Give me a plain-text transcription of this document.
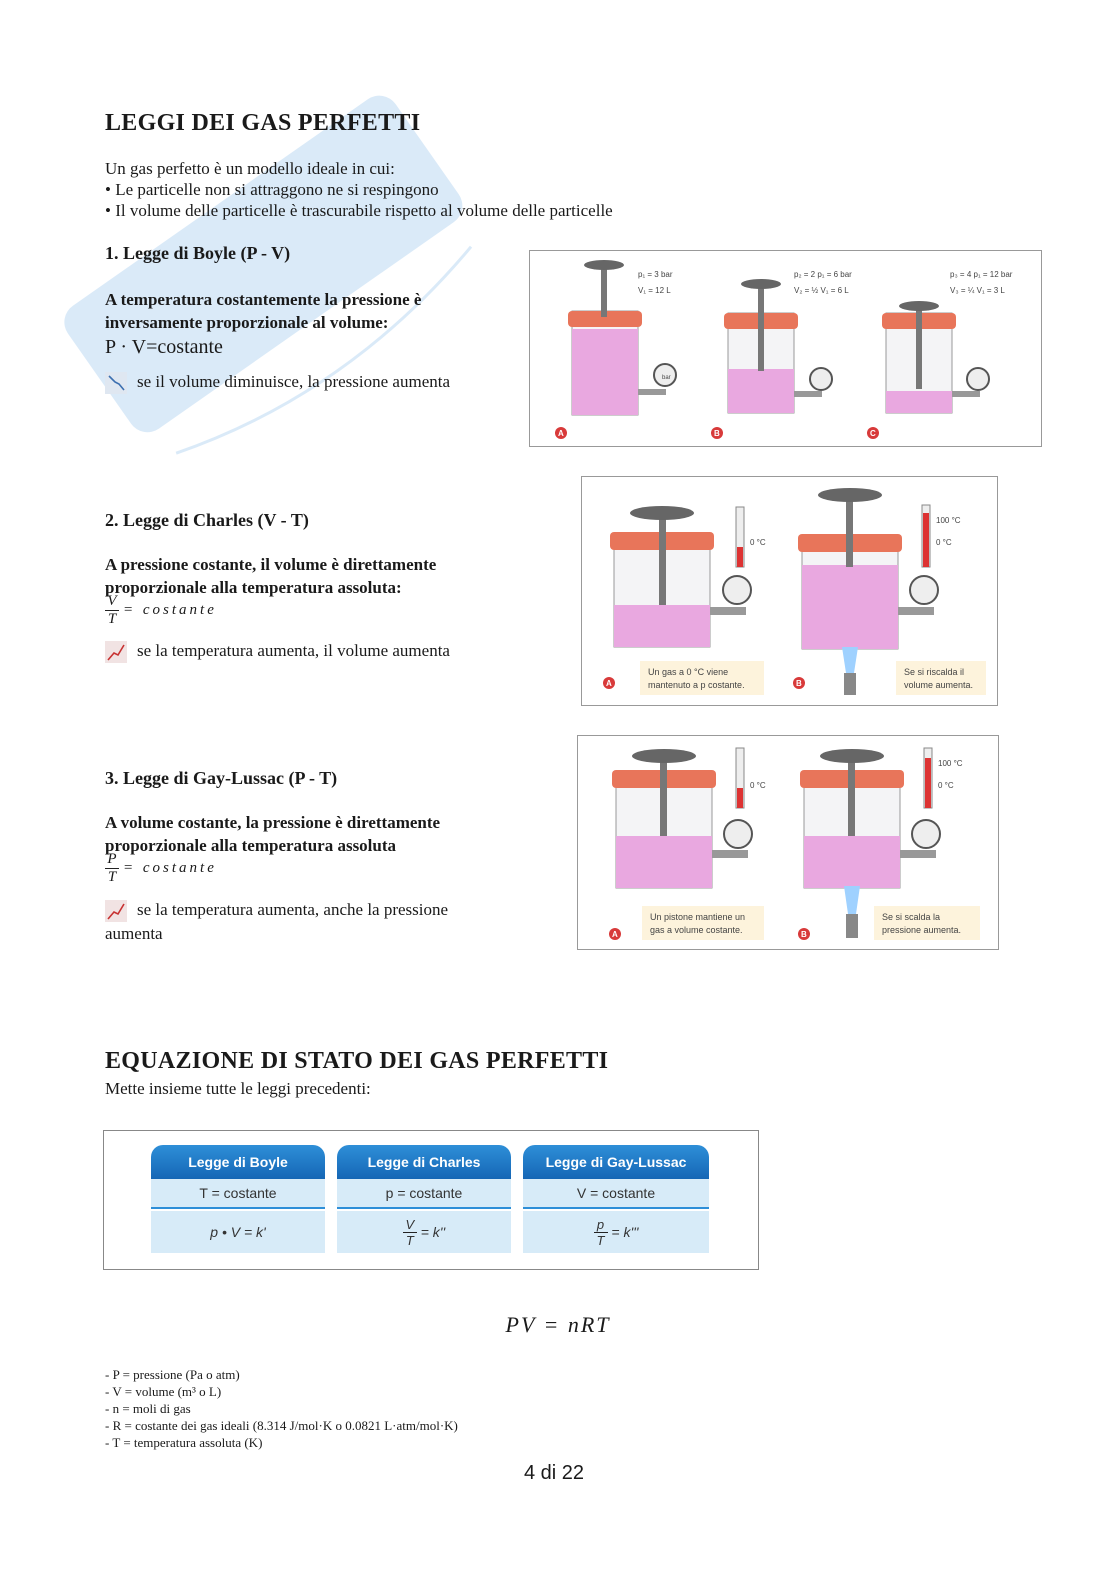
LEGGI DEI GAS PERFETTI
Un gas perfetto è un modello ideale in cui:
• Le particelle non si attraggono ne si respingono
• Il volume delle particelle è trascurabile rispetto al volume delle particelle
1. Legge di Boyle (P - V)
A temperatura costantemente la pressione è
inversamente proporzionale al volume:
P · V=costante
se il volume diminuisce, la pressione aumenta
p₁ = 3 bar
V₁ = 12 L
p₂ = 2 p₁ = 6 bar
V₂ = ½ V₁ = 6 L
p₃ = 4 p₁ = 12 bar
V₃ = ¼ V₁ = 3 L
bar
A	B	C
2. Legge di Charles (V - T)
A pressione costante, il volume è direttamente
proporzionale alla temperatura assoluta:
$\frac{V}{T}$ = costante
se la temperatura aumenta, il volume aumenta
0 °C
100 °C
0 °C
Un gas a 0 °C viene
mantenuto a p costante.
Se si riscalda il
volume aumenta.
A	B
3. Legge di Gay-Lussac (P - T)
A volume costante, la pressione è direttamente
proporzionale alla temperatura assoluta
$\frac{P}{T}$ = costante
se la temperatura aumenta, anche la pressione
aumenta
0 °C
100 °C
0 °C
Un pistone mantiene un
gas a volume costante.
Se si scalda la
pressione aumenta.
A	B
EQUAZIONE DI STATO DEI GAS PERFETTI
Mette insieme tutte le leggi precedenti:
Legge di Boyle
T = costante
p • V = k'
Legge di Charles
p = costante
$\frac{V}{T}$
= k''
Legge di Gay-Lussac
V = costante
$\frac{p}{T}$
= k'''
PV = nRT
- P = pressione (Pa o atm)
- V = volume (m³ o L)
- n = moli di gas
- R = costante dei gas ideali (8.314 J/mol·K o 0.0821 L·atm/mol·K)
- T = temperatura assoluta (K)
4 di 22
